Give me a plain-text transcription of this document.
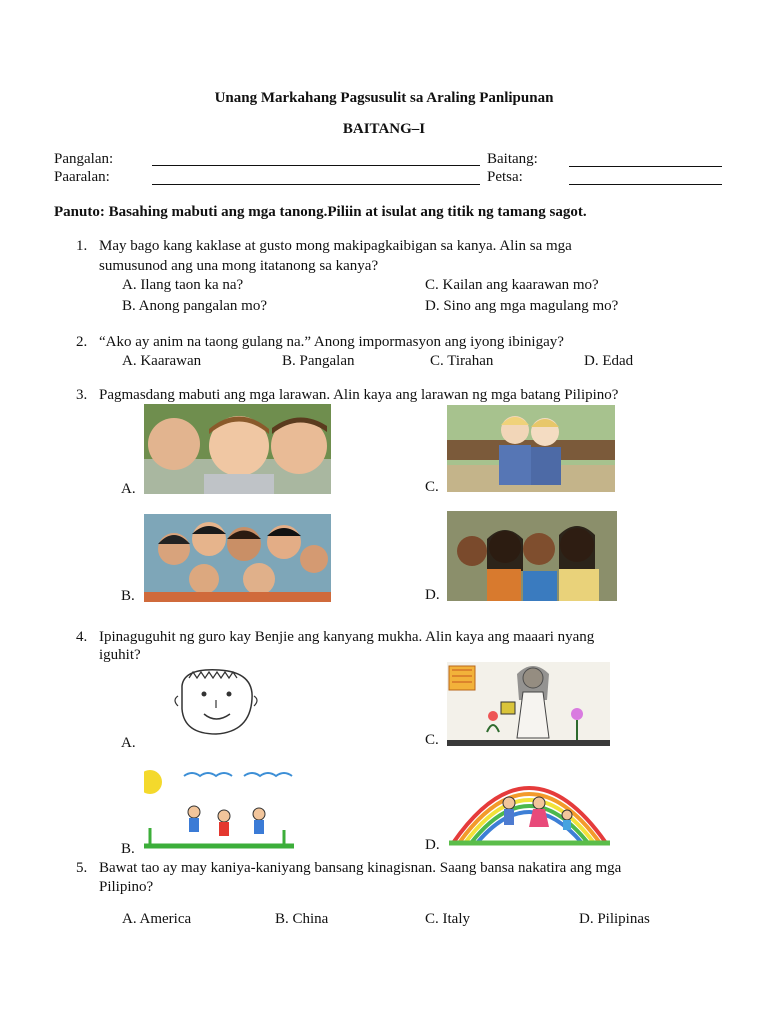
Unang Markahang Pagsusulit sa Araling Panlipunan
BAITANG–I
Pangalan:	Baitang:
Paaralan:	Petsa:
Panuto: Basahing mabuti ang mga tanong.Piliin at isulat ang titik ng tamang sagot.
1. May bago kang kaklase at gusto mong makipagkaibigan sa kanya. Alin sa mga
sumusunod ang una mong itatanong sa kanya?
A. Ilang taon ka na?	C. Kailan ang kaarawan mo?
B. Anong pangalan mo?	D. Sino ang mga magulang mo?
2. “Ako ay anim na taong gulang na.” Anong impormasyon ang iyong ibinigay?
A. Kaarawan	B. Pangalan	C. Tirahan	D. Edad
3. Pagmasdang mabuti ang mga larawan. Alin kaya ang larawan ng mga batang Pilipino?
A.	C.
B.	D.
4. Ipinaguguhit ng guro kay Benjie ang kanyang mukha. Alin kaya ang maaari nyang
iguhit?
A.	C.
B.	D.
5. Bawat tao ay may kaniya-kaniyang bansang kinagisnan. Saang bansa nakatira ang mga
Pilipino?
A. America	B. China	C. Italy	D. Pilipinas
